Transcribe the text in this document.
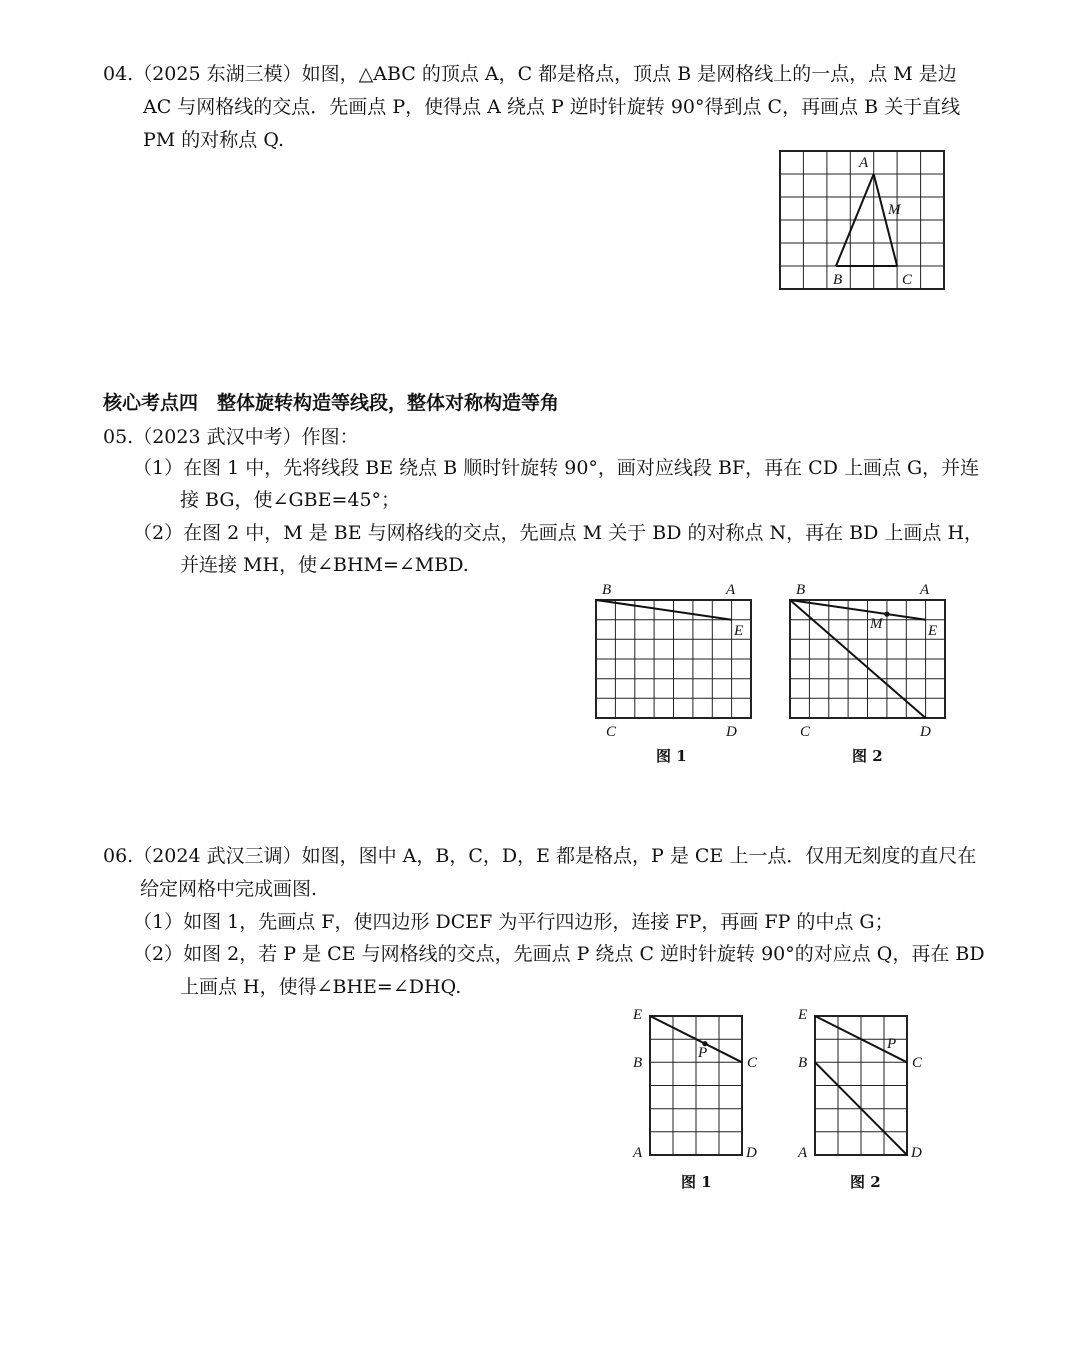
04.（2025 东湖三模）如图，△ABC 的顶点 A，C 都是格点，顶点 B 是网格线上的一点，点 M 是边
AC 与网格线的交点．先画点 P，使得点 A 绕点 P 逆时针旋转 90°得到点 C，再画点 B 关于直线
PM 的对称点 Q.
A
M
B	C
核心考点四　整体旋转构造等线段，整体对称构造等角
05.（2023 武汉中考）作图：
（1）在图 1 中，先将线段 BE 绕点 B 顺时针旋转 90°，画对应线段 BF，再在 CD 上画点 G，并连
接 BG，使∠GBE=45°；
（2）在图 2 中，M 是 BE 与网格线的交点，先画点 M 关于 BD 的对称点 N，再在 BD 上画点 H，
并连接 MH，使∠BHM=∠MBD.
B	A
E
C	D
图 1
B	A
M	E
C	D
图 2
06.（2024 武汉三调）如图，图中 A，B，C，D，E 都是格点，P 是 CE 上一点．仅用无刻度的直尺在
给定网格中完成画图.
（1）如图 1，先画点 F，使四边形 DCEF 为平行四边形，连接 FP，再画 FP 的中点 G；
（2）如图 2，若 P 是 CE 与网格线的交点，先画点 P 绕点 C 逆时针旋转 90°的对应点 Q，再在 BD
上画点 H，使得∠BHE=∠DHQ.
E
B
P
C
A	D
图 1
E
B
P
C
A	D
图 2
